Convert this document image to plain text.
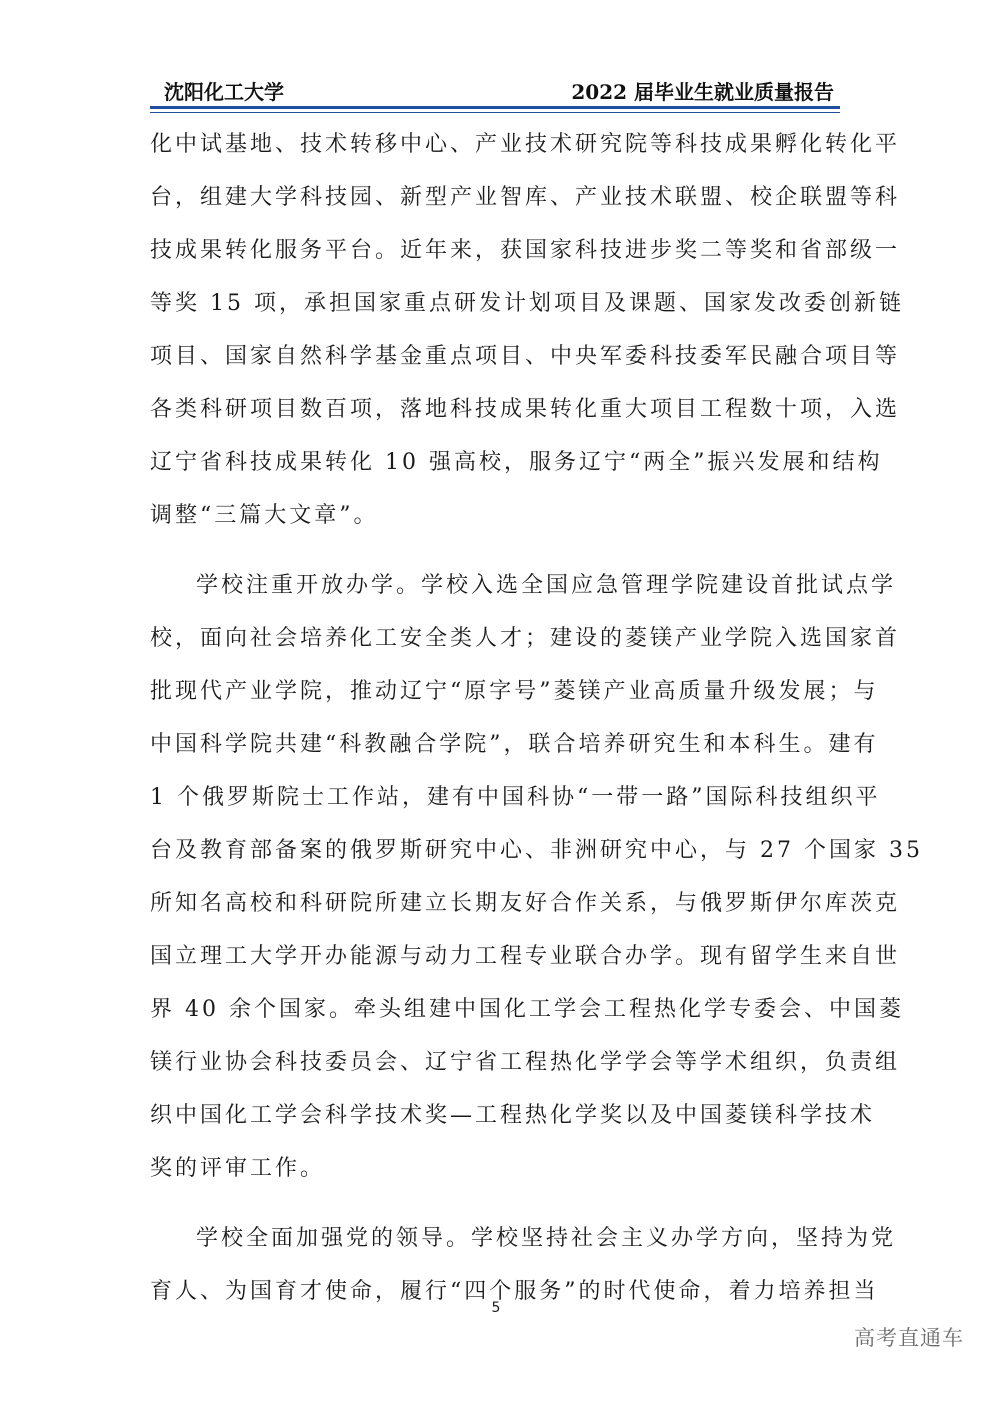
沈阳化工大学	2022 届毕业生就业质量报告
化中试基地、技术转移中心、产业技术研究院等科技成果孵化转化平
台，组建大学科技园、新型产业智库、产业技术联盟、校企联盟等科
技成果转化服务平台。近年来，获国家科技进步奖二等奖和省部级一
等奖 15 项，承担国家重点研发计划项目及课题、国家发改委创新链
项目、国家自然科学基金重点项目、中央军委科技委军民融合项目等
各类科研项目数百项，落地科技成果转化重大项目工程数十项，入选
辽宁省科技成果转化 10 强高校，服务辽宁“两全”振兴发展和结构
调整“三篇大文章”。
学校注重开放办学。学校入选全国应急管理学院建设首批试点学
校，面向社会培养化工安全类人才；建设的菱镁产业学院入选国家首
批现代产业学院，推动辽宁“原字号”菱镁产业高质量升级发展；与
中国科学院共建“科教融合学院”，联合培养研究生和本科生。建有
1 个俄罗斯院士工作站，建有中国科协“一带一路”国际科技组织平
台及教育部备案的俄罗斯研究中心、非洲研究中心，与 27 个国家 35
所知名高校和科研院所建立长期友好合作关系，与俄罗斯伊尔库茨克
国立理工大学开办能源与动力工程专业联合办学。现有留学生来自世
界 40 余个国家。牵头组建中国化工学会工程热化学专委会、中国菱
镁行业协会科技委员会、辽宁省工程热化学学会等学术组织，负责组
织中国化工学会科学技术奖—工程热化学奖以及中国菱镁科学技术
奖的评审工作。
学校全面加强党的领导。学校坚持社会主义办学方向，坚持为党
育人、为国育才使命，履行“四个服务”的时代使命，着力培养担当
5
高考直通车
